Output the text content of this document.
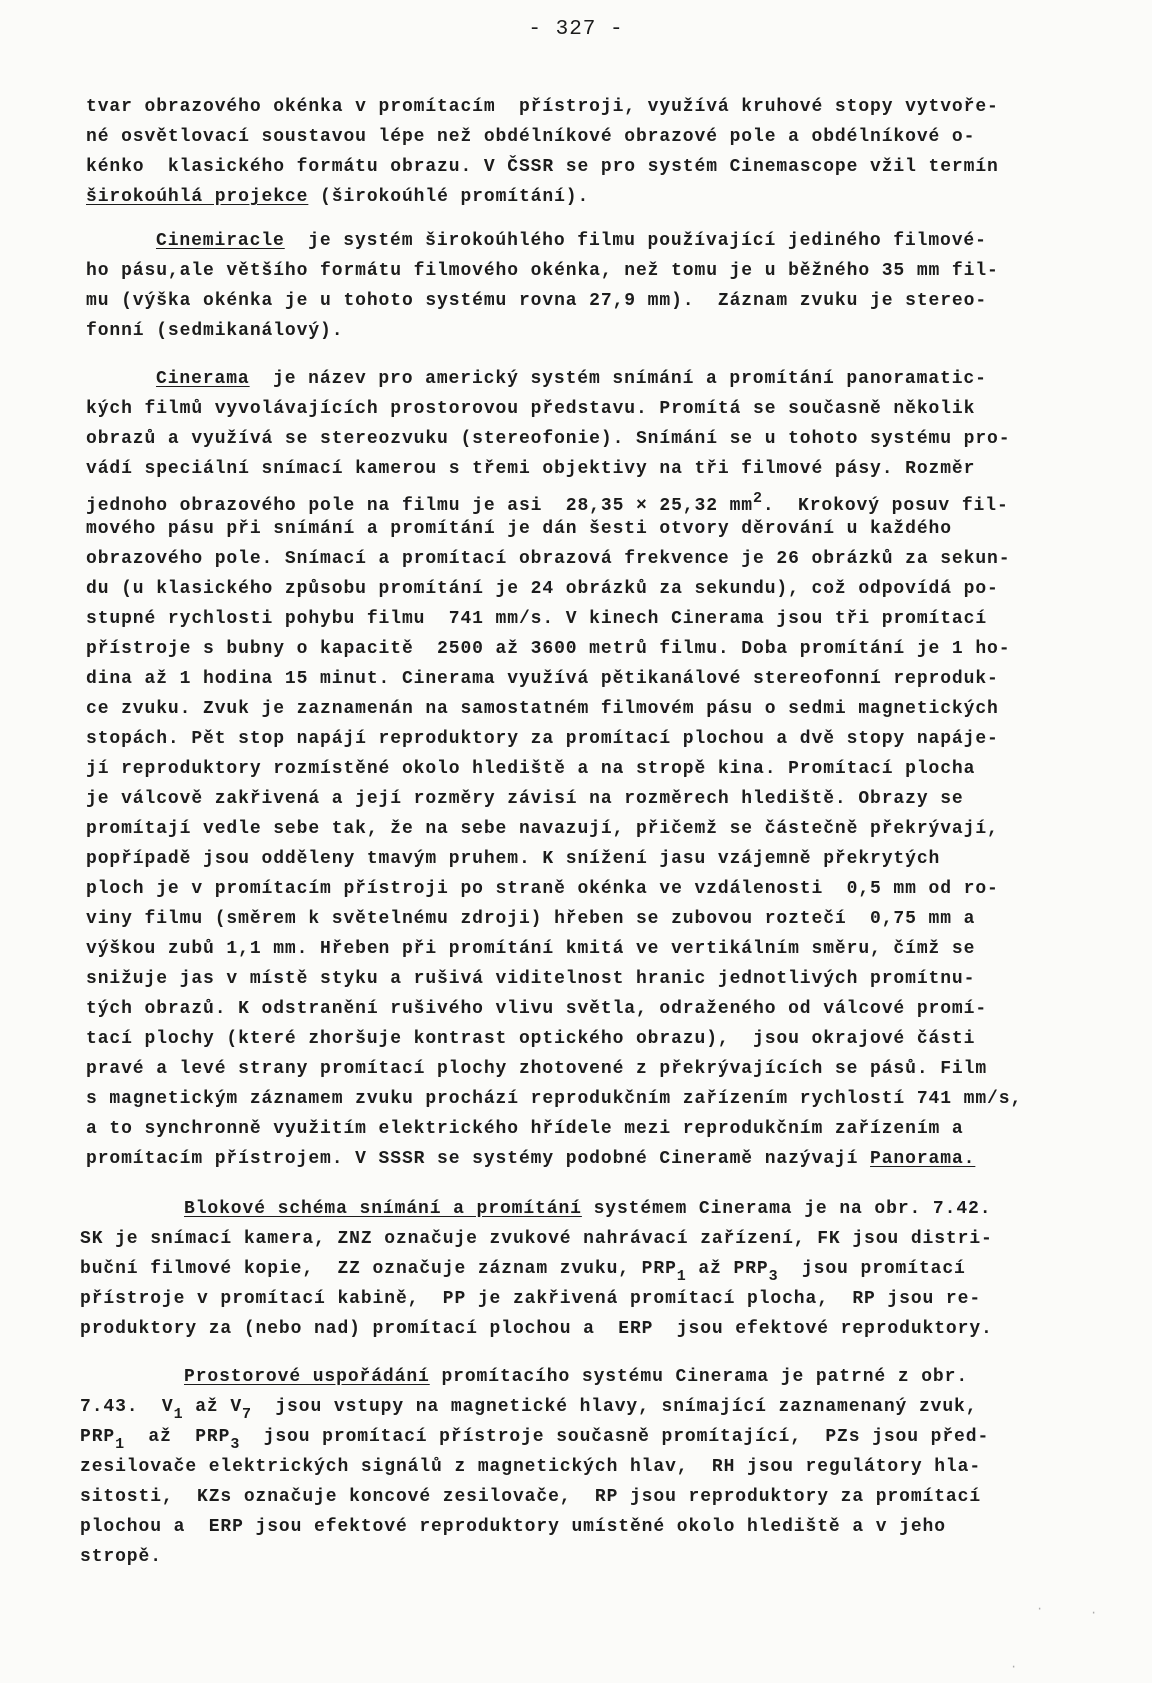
- 327 -
tvar obrazového okénka v promítacím  přístroji, využívá kruhové stopy vytvoře-
né osvětlovací soustavou lépe než obdélníkové obrazové pole a obdélníkové o-
kénko  klasického formátu obrazu. V ČSSR se pro systém Cinemascope vžil termín
širokoúhlá projekce (širokoúhlé promítání).
Cinemiracle  je systém širokoúhlého filmu používající jediného filmové-
ho pásu,ale většího formátu filmového okénka, než tomu je u běžného 35 mm fil-
mu (výška okénka je u tohoto systému rovna 27,9 mm).  Záznam zvuku je stereo-
fonní (sedmikanálový).
Cinerama  je název pro americký systém snímání a promítání panoramatic-
kých filmů vyvolávajících prostorovou představu. Promítá se současně několik
obrazů a využívá se stereozvuku (stereofonie). Snímání se u tohoto systému pro-
vádí speciální snímací kamerou s třemi objektivy na tři filmové pásy. Rozměr
jednoho obrazového pole na filmu je asi  28,35 × 25,32 $mm^2$.  Krokový posuv fil-
mového pásu při snímání a promítání je dán šesti otvory děrování u každého
obrazového pole. Snímací a promítací obrazová frekvence je 26 obrázků za sekun-
du (u klasického způsobu promítání je 24 obrázků za sekundu), což odpovídá po-
stupné rychlosti pohybu filmu  741 mm/s. V kinech Cinerama jsou tři promítací
přístroje s bubny o kapacitě  2500 až 3600 metrů filmu. Doba promítání je 1 ho-
dina až 1 hodina 15 minut. Cinerama využívá pětikanálové stereofonní reproduk-
ce zvuku. Zvuk je zaznamenán na samostatném filmovém pásu o sedmi magnetických
stopách. Pět stop napájí reproduktory za promítací plochou a dvě stopy napáje-
jí reproduktory rozmístěné okolo hlediště a na stropě kina. Promítací plocha
je válcově zakřivená a její rozměry závisí na rozměrech hlediště. Obrazy se
promítají vedle sebe tak, že na sebe navazují, přičemž se částečně překrývají,
popřípadě jsou odděleny tmavým pruhem. K snížení jasu vzájemně překrytých
ploch je v promítacím přístroji po straně okénka ve vzdálenosti  0,5 mm od ro-
viny filmu (směrem k světelnému zdroji) hřeben se zubovou roztečí  0,75 mm a
výškou zubů 1,1 mm. Hřeben při promítání kmitá ve vertikálním směru, čímž se
snižuje jas v místě styku a rušivá viditelnost hranic jednotlivých promítnu-
tých obrazů. K odstranění rušivého vlivu světla, odraženého od válcové promí-
tací plochy (které zhoršuje kontrast optického obrazu),  jsou okrajové části
pravé a levé strany promítací plochy zhotovené z překrývajících se pásů. Film
s magnetickým záznamem zvuku prochází reprodukčním zařízením rychlostí 741 mm/s,
a to synchronně využitím elektrického hřídele mezi reprodukčním zařízením a
promítacím přístrojem. V SSSR se systémy podobné Cineramě nazývají Panorama.
Blokové schéma snímání a promítání systémem Cinerama je na obr. 7.42.
SK je snímací kamera, ZNZ označuje zvukové nahrávací zařízení, FK jsou distri-
buční filmové kopie,  ZZ označuje záznam zvuku, $PRP_1$ až $PRP_3$  jsou promítací
přístroje v promítací kabině,  PP je zakřivená promítací plocha,  RP jsou re-
produktory za (nebo nad) promítací plochou a  ERP  jsou efektové reproduktory.
Prostorové uspořádání promítacího systému Cinerama je patrné z obr.
7.43.  $V_1$ až $V_7$  jsou vstupy na magnetické hlavy, snímající zaznamenaný zvuk,
$PRP_1$  až  $PRP_3$  jsou promítací přístroje současně promítající,  PZs jsou před-
zesilovače elektrických signálů z magnetických hlav,  RH jsou regulátory hla-
sitosti,  KZs označuje koncové zesilovače,  RP jsou reproduktory za promítací
plochou a  ERP jsou efektové reproduktory umístěné okolo hlediště a v jeho
stropě.
·	·
·
